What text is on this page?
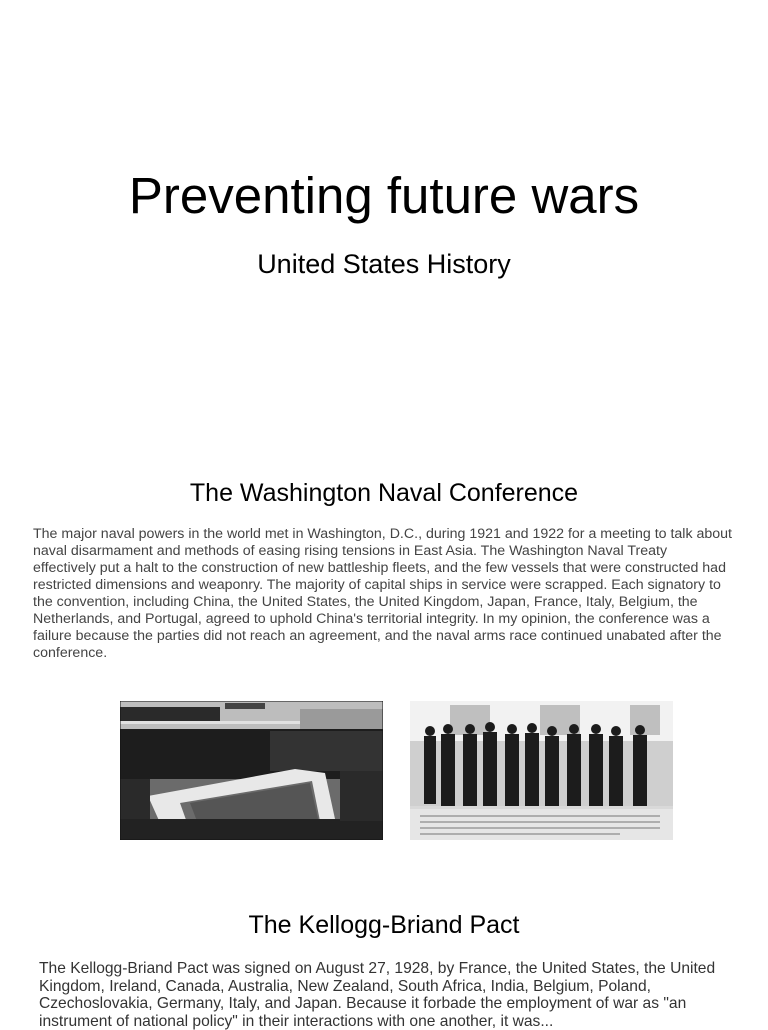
Preventing future wars
United States History
The Washington Naval Conference

The major naval powers in the world met in Washington, D.C., during 1921 and 1922 for a meeting to talk about naval disarmament and methods of easing rising tensions in East Asia. The Washington Naval Treaty effectively put a halt to the construction of new battleship fleets, and the few vessels that were constructed had restricted dimensions and weaponry. The majority of capital ships in service were scrapped. Each signatory to the convention, including China, the United States, the United Kingdom, Japan, France, Italy, Belgium, the Netherlands, and Portugal, agreed to uphold China's territorial integrity. In my opinion, the conference was a failure because the parties did not reach an agreement, and the naval arms race continued unabated after the conference.

The Kellogg-Briand Pact

The Kellogg-Briand Pact was signed on August 27, 1928, by France, the United States, the United Kingdom, Ireland, Canada, Australia, New Zealand, South Africa, India, Belgium, Poland, Czechoslovakia, Germany, Italy, and Japan. Because it forbade the employment of war as "an instrument of national policy" in their interactions with one another, it was...
